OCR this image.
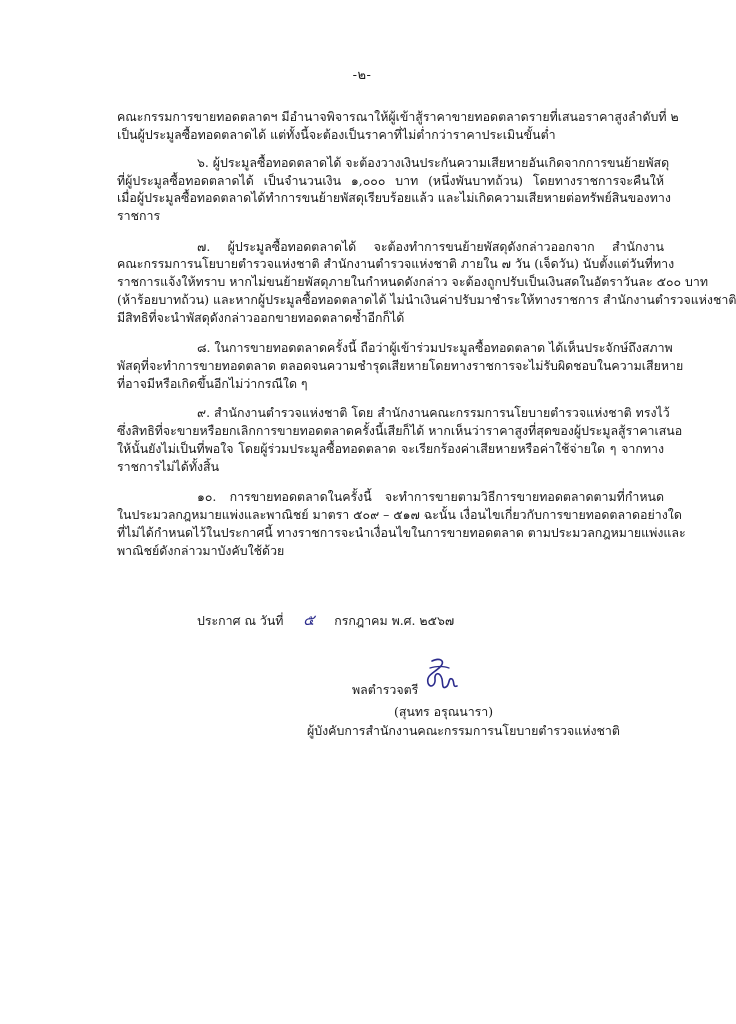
-๒-
คณะกรรมการขายทอดตลาดฯ มีอำนาจพิจารณาให้ผู้เข้าสู้ราคาขายทอดตลาดรายที่เสนอราคาสูงลำดับที่ ๒
เป็นผู้ประมูลซื้อทอดตลาดได้ แต่ทั้งนี้จะต้องเป็นราคาที่ไม่ต่ำกว่าราคาประเมินขั้นต่ำ
๖. ผู้ประมูลซื้อทอดตลาดได้ จะต้องวางเงินประกันความเสียหายอันเกิดจากการขนย้ายพัสดุ
ที่ผู้ประมูลซื้อทอดตลาดได้ เป็นจำนวนเงิน ๑,๐๐๐ บาท (หนึ่งพันบาทถ้วน) โดยทางราชการจะคืนให้
เมื่อผู้ประมูลซื้อทอดตลาดได้ทำการขนย้ายพัสดุเรียบร้อยแล้ว และไม่เกิดความเสียหายต่อทรัพย์สินของทาง
ราชการ
๗. ผู้ประมูลซื้อทอดตลาดได้ จะต้องทำการขนย้ายพัสดุดังกล่าวออกจาก สำนักงาน
คณะกรรมการนโยบายตำรวจแห่งชาติ สำนักงานตำรวจแห่งชาติ ภายใน ๗ วัน (เจ็ดวัน) นับตั้งแต่วันที่ทาง
ราชการแจ้งให้ทราบ หากไม่ขนย้ายพัสดุภายในกำหนดดังกล่าว จะต้องถูกปรับเป็นเงินสดในอัตราวันละ ๕๐๐ บาท
(ห้าร้อยบาทถ้วน) และหากผู้ประมูลซื้อทอดตลาดได้ ไม่นำเงินค่าปรับมาชำระให้ทางราชการ สำนักงานตำรวจแห่งชาติ
มีสิทธิที่จะนำพัสดุดังกล่าวออกขายทอดตลาดซ้ำอีกก็ได้
๘. ในการขายทอดตลาดครั้งนี้ ถือว่าผู้เข้าร่วมประมูลซื้อทอดตลาด ได้เห็นประจักษ์ถึงสภาพ
พัสดุที่จะทำการขายทอดตลาด ตลอดจนความชำรุดเสียหายโดยทางราชการจะไม่รับผิดชอบในความเสียหาย
ที่อาจมีหรือเกิดขึ้นอีกไม่ว่ากรณีใด ๆ
๙. สำนักงานตำรวจแห่งชาติ โดย สำนักงานคณะกรรมการนโยบายตำรวจแห่งชาติ ทรงไว้
ซึ่งสิทธิที่จะขายหรือยกเลิกการขายทอดตลาดครั้งนี้เสียก็ได้ หากเห็นว่าราคาสูงที่สุดของผู้ประมูลสู้ราคาเสนอ
ให้นั้นยังไม่เป็นที่พอใจ โดยผู้ร่วมประมูลซื้อทอดตลาด จะเรียกร้องค่าเสียหายหรือค่าใช้จ่ายใด ๆ จากทาง
ราชการไม่ได้ทั้งสิ้น
๑๐. การขายทอดตลาดในครั้งนี้ จะทำการขายตามวิธีการขายทอดตลาดตามที่กำหนด
ในประมวลกฎหมายแพ่งและพาณิชย์ มาตรา ๕๐๙ – ๕๑๗ ฉะนั้น เงื่อนไขเกี่ยวกับการขายทอดตลาดอย่างใด
ที่ไม่ได้กำหนดไว้ในประกาศนี้ ทางราชการจะนำเงื่อนไขในการขายทอดตลาด ตามประมวลกฎหมายแพ่งและ
พาณิชย์ดังกล่าวมาบังคับใช้ด้วย
ประกาศ ณ วันที่ ๕ กรกฎาคม พ.ศ. ๒๕๖๗
พลตำรวจตรี
(สุนทร อรุณนารา)
ผู้บังคับการสำนักงานคณะกรรมการนโยบายตำรวจแห่งชาติ
